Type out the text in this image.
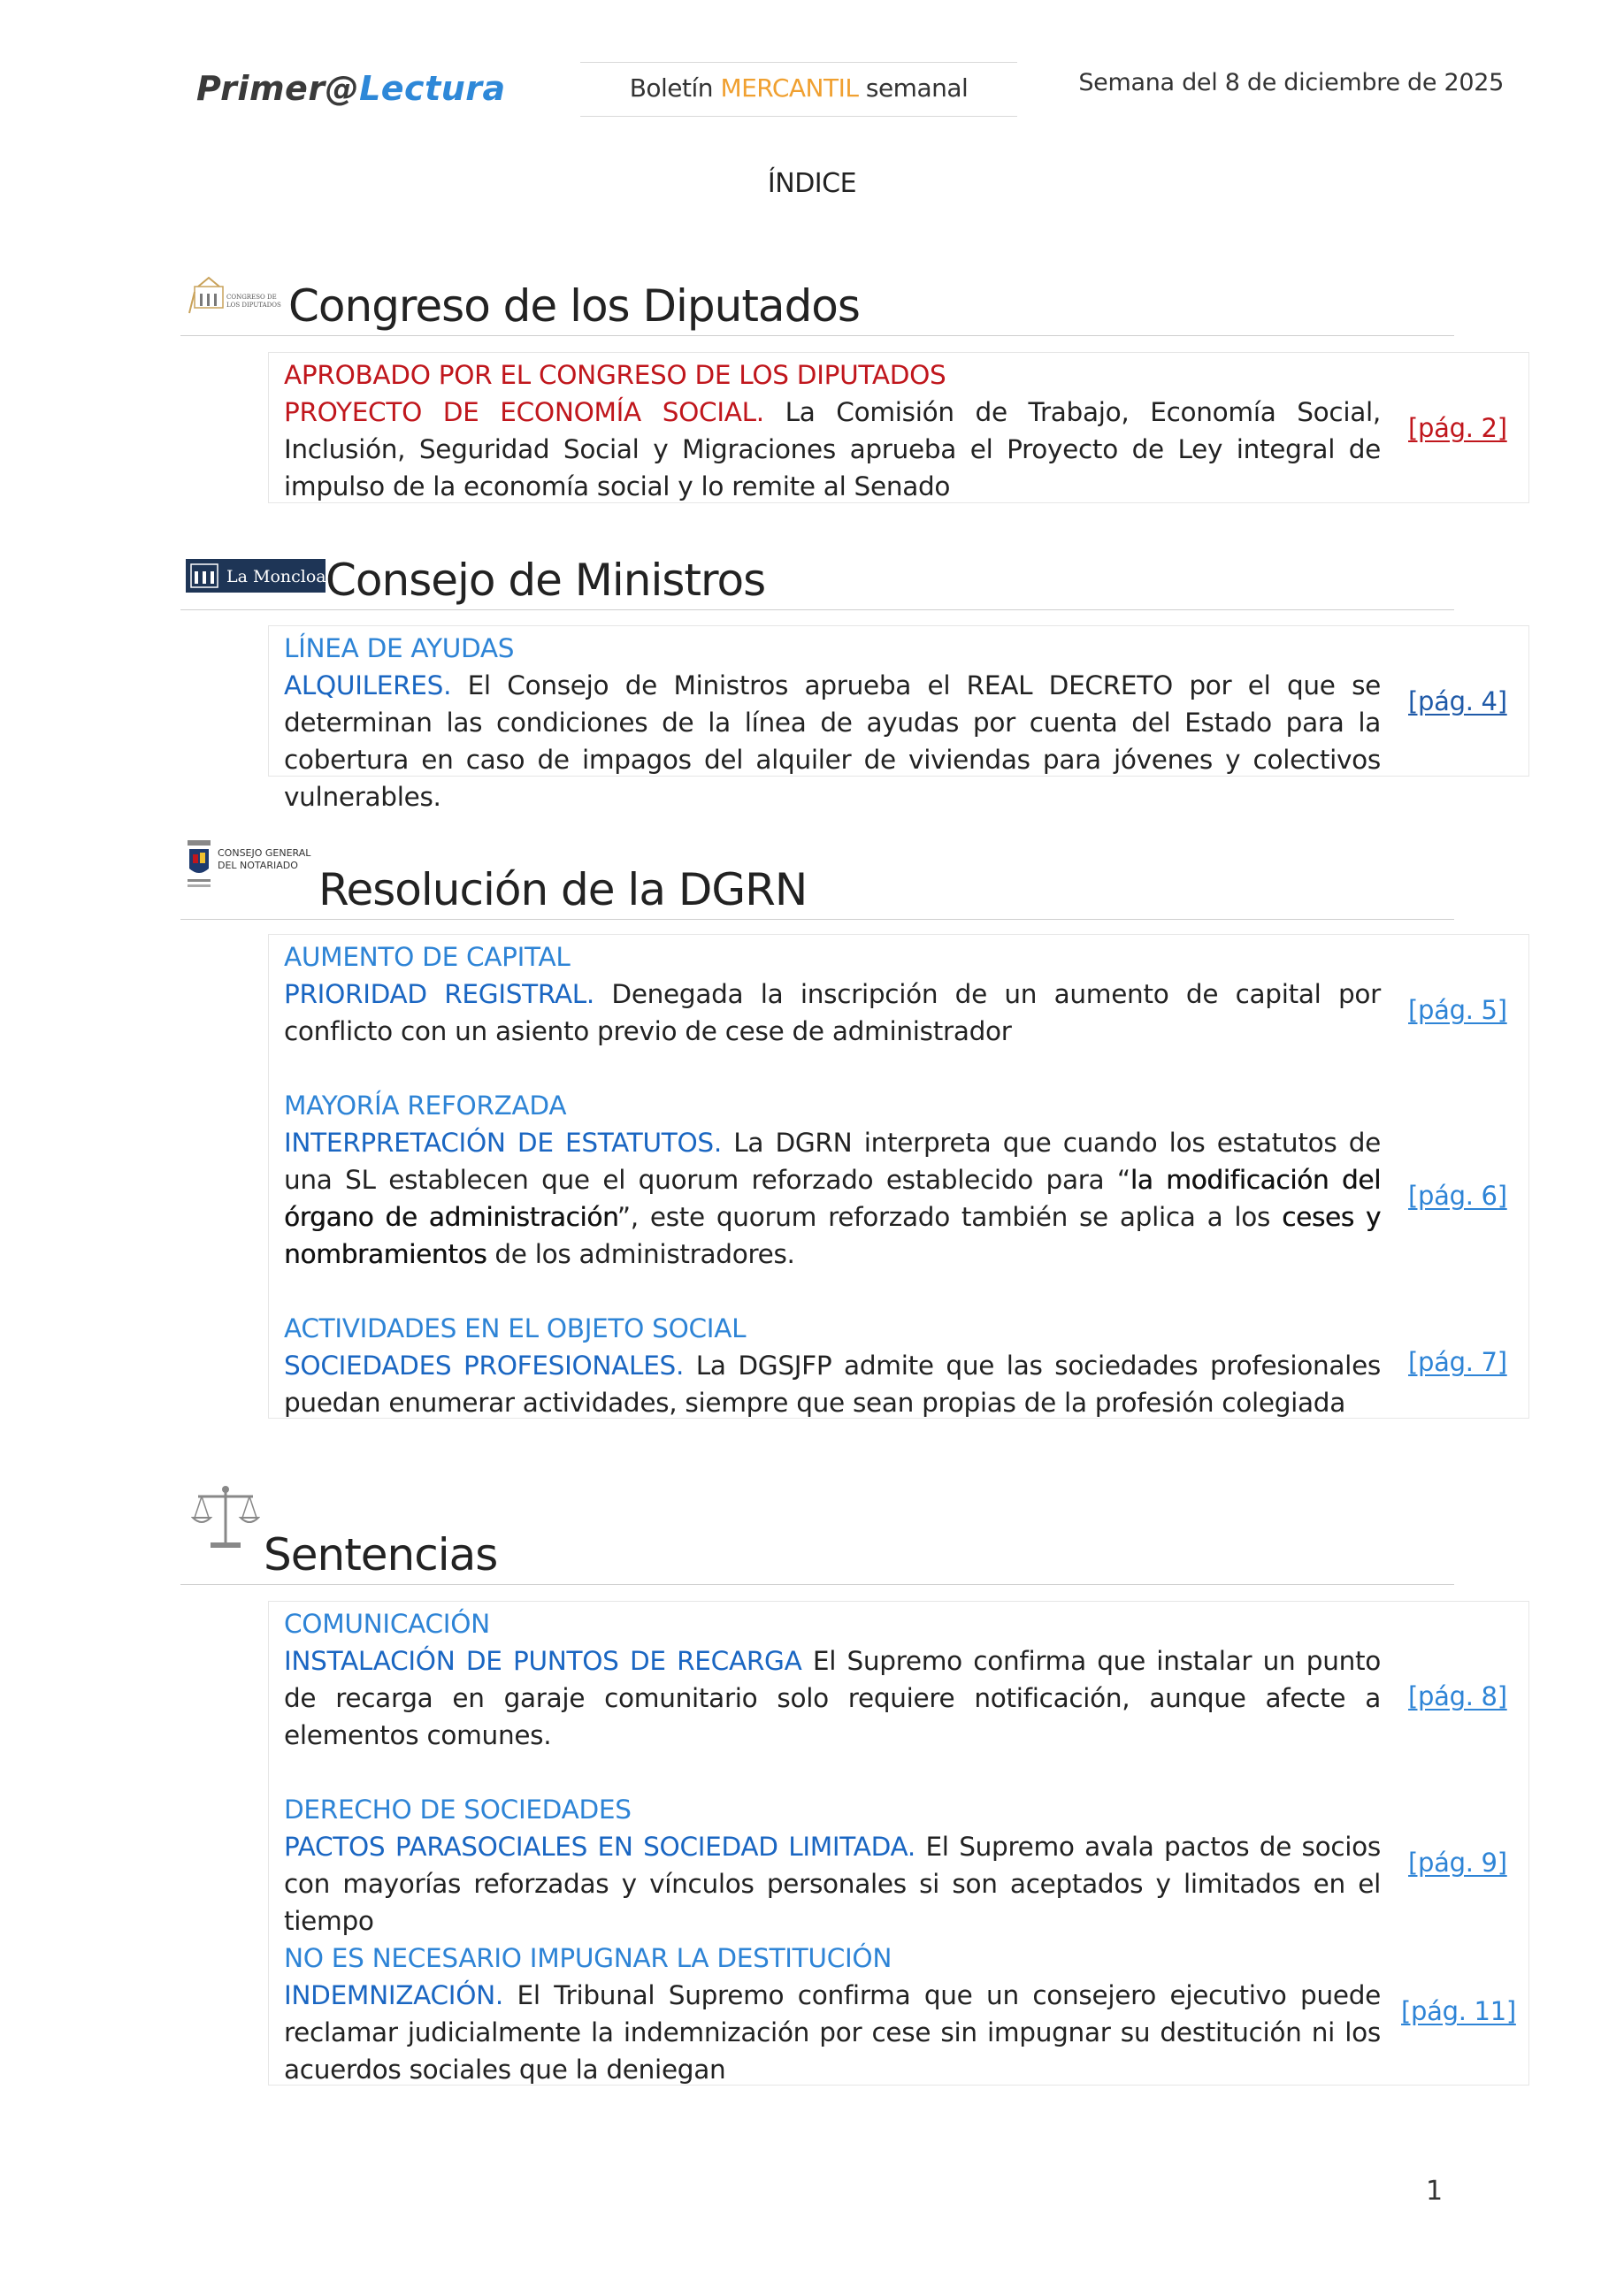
Primer@Lectura	Boletín MERCANTIL semanal	Semana del 8 de diciembre de 2025
ÍNDICE
CONGRESO DE
LOS DIPUTADOS Congreso de los Diputados
APROBADO POR EL CONGRESO DE LOS DIPUTADOS
PROYECTO DE ECONOMÍA SOCIAL. La Comisión de Trabajo, Economía Social, Inclusión, Seguridad Social y Migraciones aprueba el Proyecto de Ley integral de impulso de la economía social y lo remite al Senado
[pág. 2]
La Moncloa Consejo de Ministros
LÍNEA DE AYUDAS
ALQUILERES. El Consejo de Ministros aprueba el REAL DECRETO por el que se determinan las condiciones de la línea de ayudas por cuenta del Estado para la cobertura en caso de impagos del alquiler de viviendas para jóvenes y colectivos vulnerables.
[pág. 4]
CONSEJO GENERAL
DEL NOTARIADO Resolución de la DGRN
AUMENTO DE CAPITAL
PRIORIDAD REGISTRAL. Denegada la inscripción de un aumento de capital por conflicto con un asiento previo de cese de administrador
[pág. 5]
MAYORÍA REFORZADA
INTERPRETACIÓN DE ESTATUTOS. La DGRN interpreta que cuando los estatutos de una SL establecen que el quorum reforzado establecido para “la modificación del órgano de administración”, este quorum reforzado también se aplica a los ceses y nombramientos de los administradores.
[pág. 6]
ACTIVIDADES EN EL OBJETO SOCIAL
SOCIEDADES PROFESIONALES. La DGSJFP admite que las sociedades profesionales puedan enumerar actividades, siempre que sean propias de la profesión colegiada
[pág. 7]
Sentencias
COMUNICACIÓN
INSTALACIÓN DE PUNTOS DE RECARGA El Supremo confirma que instalar un punto de recarga en garaje comunitario solo requiere notificación, aunque afecte a elementos comunes.
[pág. 8]
DERECHO DE SOCIEDADES
PACTOS PARASOCIALES EN SOCIEDAD LIMITADA. El Supremo avala pactos de socios con mayorías reforzadas y vínculos personales si son aceptados y limitados en el tiempo
[pág. 9]
NO ES NECESARIO IMPUGNAR LA DESTITUCIÓN
INDEMNIZACIÓN. El Tribunal Supremo confirma que un consejero ejecutivo puede reclamar judicialmente la indemnización por cese sin impugnar su destitución ni los acuerdos sociales que la deniegan
[pág. 11]
1
